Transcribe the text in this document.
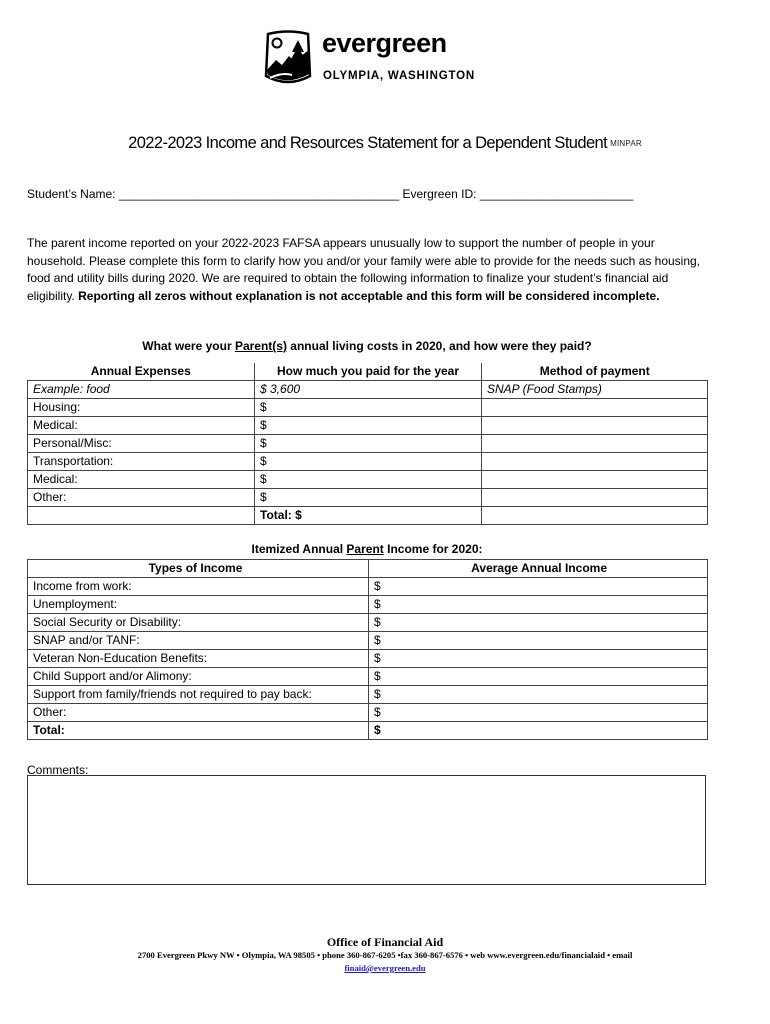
evergreen
OLYMPIA, WASHINGTON
2022-2023 Income and Resources Statement for a Dependent Student MINPAR
Student’s Name: __________________________________________ Evergreen ID: _______________________

The parent income reported on your 2022-2023 FAFSA appears unusually low to support the number of people in your household. Please complete this form to clarify how you and/or your family were able to provide for the needs such as housing, food and utility bills during 2020. We are required to obtain the following information to finalize your student’s financial aid eligibility. Reporting all zeros without explanation is not acceptable and this form will be considered incomplete.

What were your Parent(s) annual living costs in 2020, and how were they paid?
Annual Expenses	How much you paid for the year	Method of payment
Example: food	$ 3,600	SNAP (Food Stamps)
Housing:	$	
Medical:	$	
Personal/Misc:	$	
Transportation:	$	
Medical:	$	
Other:	$	
	Total: $	
Itemized Annual Parent Income for 2020:
Types of Income	Average Annual Income
Income from work:	$
Unemployment:	$
Social Security or Disability:	$
SNAP and/or TANF:	$
Veteran Non-Education Benefits:	$
Child Support and/or Alimony:	$
Support from family/friends not required to pay back:	$
Other:	$
Total:	$
Comments:
Office of Financial Aid
2700 Evergreen Pkwy NW • Olympia, WA 98505 • phone 360-867-6205 •fax 360-867-6576 • web www.evergreen.edu/financialaid • email
finaid@evergreen.edu
